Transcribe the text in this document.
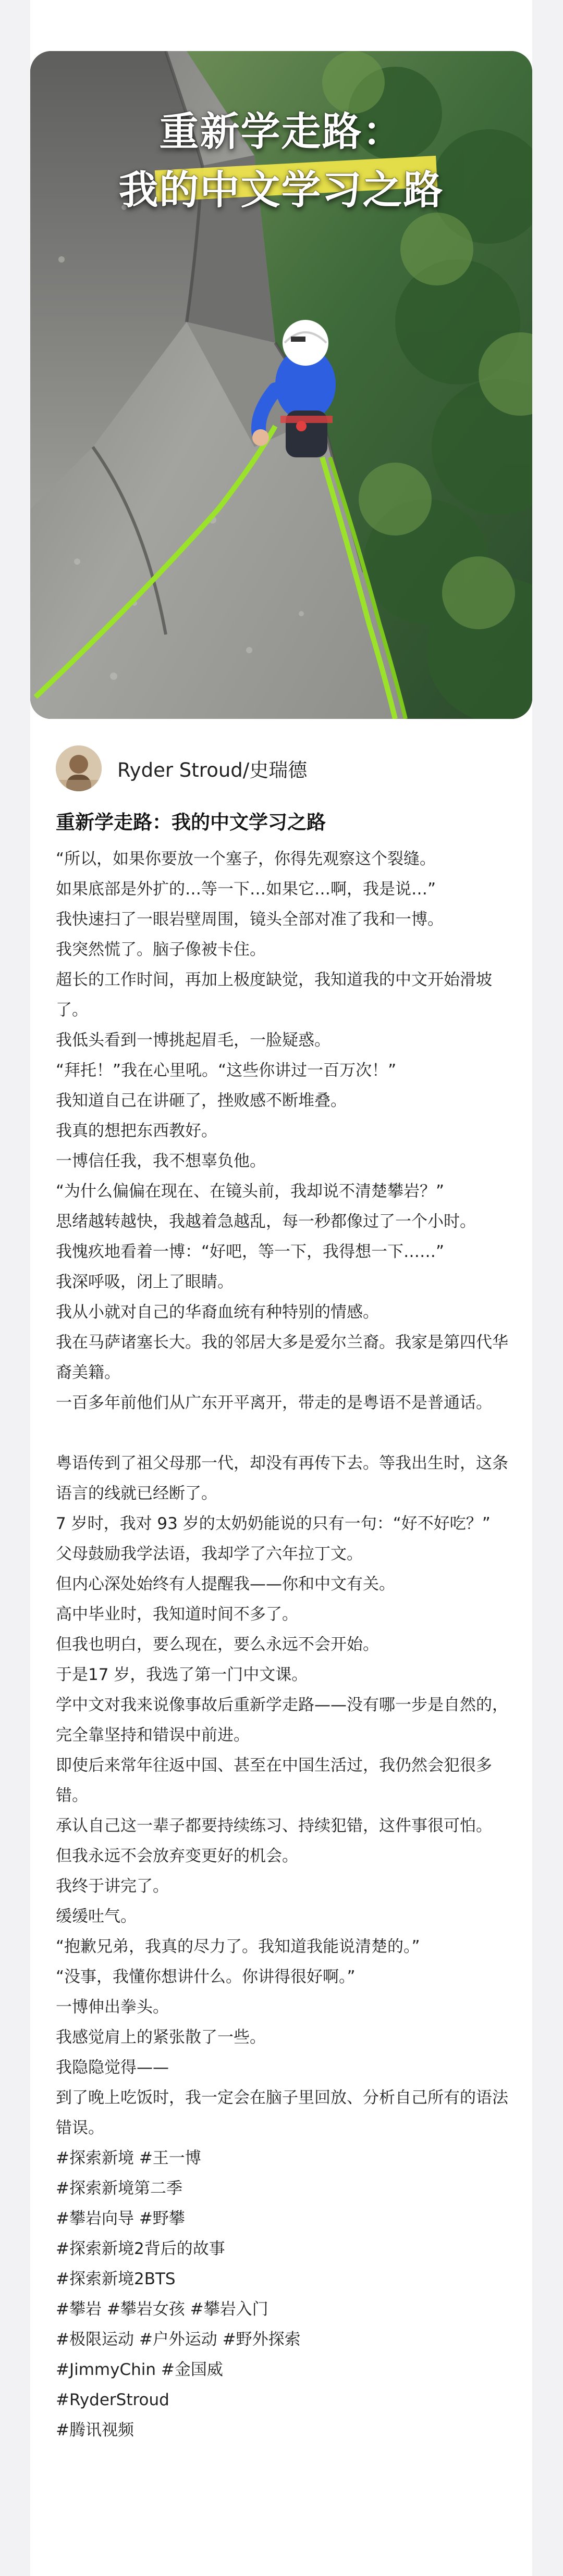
重新学走路：
我的中文学习之路
Ryder Stroud/史瑞德
重新学走路：我的中文学习之路

“所以，如果你要放一个塞子，你得先观察这个裂缝。

如果底部是外扩的…等一下…如果它…啊，我是说…”

我快速扫了一眼岩壁周围，镜头全部对准了我和一博。

我突然慌了。脑子像被卡住。

超长的工作时间，再加上极度缺觉，我知道我的中文开始滑坡了。

我低头看到一博挑起眉毛，一脸疑惑。

“拜托！”我在心里吼。“这些你讲过一百万次！”

我知道自己在讲砸了，挫败感不断堆叠。

我真的想把东西教好。

一博信任我，我不想辜负他。

“为什么偏偏在现在、在镜头前，我却说不清楚攀岩？”

思绪越转越快，我越着急越乱，每一秒都像过了一个小时。

我愧疚地看着一博：“好吧，等一下，我得想一下……”

我深呼吸，闭上了眼睛。

我从小就对自己的华裔血统有种特别的情感。

我在马萨诸塞长大。我的邻居大多是爱尔兰裔。我家是第四代华裔美籍。

一百多年前他们从广东开平离开，带走的是粤语不是普通话。

粤语传到了祖父母那一代，却没有再传下去。等我出生时，这条语言的线就已经断了。

7 岁时，我对 93 岁的太奶奶能说的只有一句：“好不好吃？”

父母鼓励我学法语，我却学了六年拉丁文。

但内心深处始终有人提醒我——你和中文有关。

高中毕业时，我知道时间不多了。

但我也明白，要么现在，要么永远不会开始。

于是17 岁，我选了第一门中文课。

学中文对我来说像事故后重新学走路——没有哪一步是自然的，完全靠坚持和错误中前进。

即使后来常年往返中国、甚至在中国生活过，我仍然会犯很多错。

承认自己这一辈子都要持续练习、持续犯错，这件事很可怕。

但我永远不会放弃变更好的机会。

我终于讲完了。

缓缓吐气。

“抱歉兄弟，我真的尽力了。我知道我能说清楚的。”

“没事，我懂你想讲什么。你讲得很好啊。”

一博伸出拳头。

我感觉肩上的紧张散了一些。

我隐隐觉得——

到了晚上吃饭时，我一定会在脑子里回放、分析自己所有的语法错误。

#探索新境 #王一博

#探索新境第二季

#攀岩向导 #野攀

#探索新境2背后的故事

#探索新境2BTS

#攀岩 #攀岩女孩 #攀岩入门

#极限运动 #户外运动 #野外探索

#JimmyChin #金国威

#RyderStroud

#腾讯视频
